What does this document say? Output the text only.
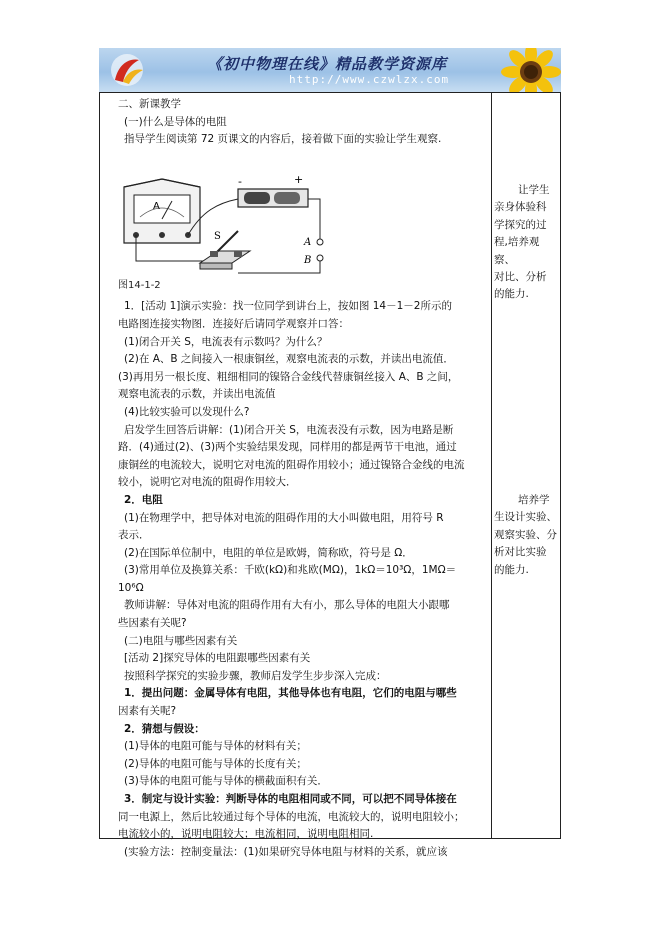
《初中物理在线》精品教学资源库
http://www.czwlzx.com

二、新课教学

(一)什么是导体的电阻

指导学生阅读第 72 页课文的内容后，接着做下面的实验让学生观察.

A
-	+
A
B
S

图14-1-2

1．[活动 1]演示实验：找一位同学到讲台上，按如图 14－1－2所示的

电路图连接实物图．连接好后请同学观察并口答：

(1)闭合开关 S，电流表有示数吗？为什么？

(2)在 A、B 之间接入一根康铜丝，观察电流表的示数，并读出电流值．

(3)再用另一根长度、粗细相同的镍铬合金线代替康铜丝接入 A、B 之间，

观察电流表的示数，并读出电流值

(4)比较实验可以发现什么?

启发学生回答后讲解：(1)闭合开关 S，电流表没有示数，因为电路是断

路．(4)通过(2)、(3)两个实验结果发现，同样用的都是两节干电池，通过

康铜丝的电流较大，说明它对电流的阻碍作用较小；通过镍铬合金线的电流

较小，说明它对电流的阻碍作用较大．

2．电阻

(1)在物理学中，把导体对电流的阻碍作用的大小叫做电阻，用符号 R

表示．

(2)在国际单位制中，电阻的单位是欧姆，简称欧，符号是 Ω．

(3)常用单位及换算关系：千欧(kΩ)和兆欧(MΩ)，1kΩ＝10³Ω，1MΩ＝

10⁶Ω

教师讲解：导体对电流的阻碍作用有大有小，那么导体的电阻大小跟哪

些因素有关呢?

(二)电阻与哪些因素有关

[活动 2]探究导体的电阻跟哪些因素有关

按照科学探究的实验步骤，教师启发学生步步深入完成：

1．提出问题：金属导体有电阻，其他导体也有电阻，它们的电阻与哪些

因素有关呢?

2．猜想与假设：

(1)导体的电阻可能与导体的材料有关；

(2)导体的电阻可能与导体的长度有关；

(3)导体的电阻可能与导体的横截面积有关．

3．制定与设计实验：判断导体的电阻相同或不同，可以把不同导体接在

同一电源上，然后比较通过每个导体的电流，电流较大的，说明电阻较小；

电流较小的，说明电阻较大；电流相同，说明电阻相同.

(实验方法：控制变量法：(1)如果研究导体电阻与材料的关系，就应该

让学生
亲身体验科
学探究的过
程,培养观察、
对比、分析
的能力.
培养学
生设计实验、
观察实验、分
析对比实验
的能力.
